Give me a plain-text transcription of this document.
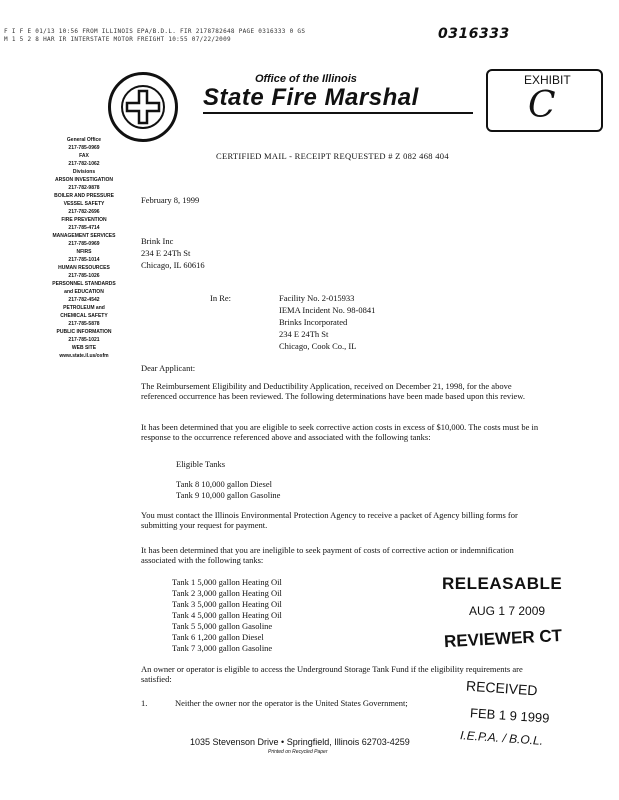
F I F E 01/13 10:56 FROM ILLINOIS EPA/B.D.L. FIR 2178782648 PAGE 0316333 0 GS
M 1 5 2 8 HAR IR INTERSTATE MOTOR FREIGHT 10:55 07/22/2009	0316333
Office of the Illinois
State Fire Marshal
EXHIBIT
C
General Office
217-785-0969
FAX
217-782-1062
Divisions
ARSON INVESTIGATION
217-782-9878
BOILER AND PRESSURE
VESSEL SAFETY
217-782-2696
FIRE PREVENTION
217-785-4714
MANAGEMENT SERVICES
217-785-0969
NFIRS
217-785-1014
HUMAN RESOURCES
217-785-1026
PERSONNEL STANDARDS
and EDUCATION
217-782-4542
PETROLEUM and
CHEMICAL SAFETY
217-785-5878
PUBLIC INFORMATION
217-785-1021
WEB SITE
www.state.il.us/osfm
CERTIFIED MAIL - RECEIPT REQUESTED # Z 082 468 404
February 8, 1999
Brink Inc
234 E 24Th St
Chicago, IL 60616
In Re:	Facility No. 2-015933
IEMA Incident No. 98-0841
Brinks Incorporated
234 E 24Th St
Chicago, Cook Co., IL
Dear Applicant:
The Reimbursement Eligibility and Deductibility Application, received on December 21, 1998, for the above referenced occurrence has been reviewed. The following determinations have been made based upon this review.
It has been determined that you are eligible to seek corrective action costs in excess of $10,000. The costs must be in response to the occurrence referenced above and associated with the following tanks:
Eligible Tanks
Tank 8 10,000 gallon Diesel
Tank 9 10,000 gallon Gasoline
You must contact the Illinois Environmental Protection Agency to receive a packet of Agency billing forms for submitting your request for payment.
It has been determined that you are ineligible to seek payment of costs of corrective action or indemnification associated with the following tanks:
Tank 1 5,000 gallon Heating Oil
Tank 2 3,000 gallon Heating Oil
Tank 3 5,000 gallon Heating Oil
Tank 4 5,000 gallon Heating Oil
Tank 5 5,000 gallon Gasoline
Tank 6 1,200 gallon Diesel
Tank 7 3,000 gallon Gasoline
An owner or operator is eligible to access the Underground Storage Tank Fund if the eligibility requirements are satisfied:
1.	Neither the owner nor the operator is the United States Government;
RELEASABLE
AUG 1 7 2009
REVIEWER CT
RECEIVED
FEB 1 9 1999
I.E.P.A. / B.O.L.
1035 Stevenson Drive • Springfield, Illinois 62703-4259
Printed on Recycled Paper
